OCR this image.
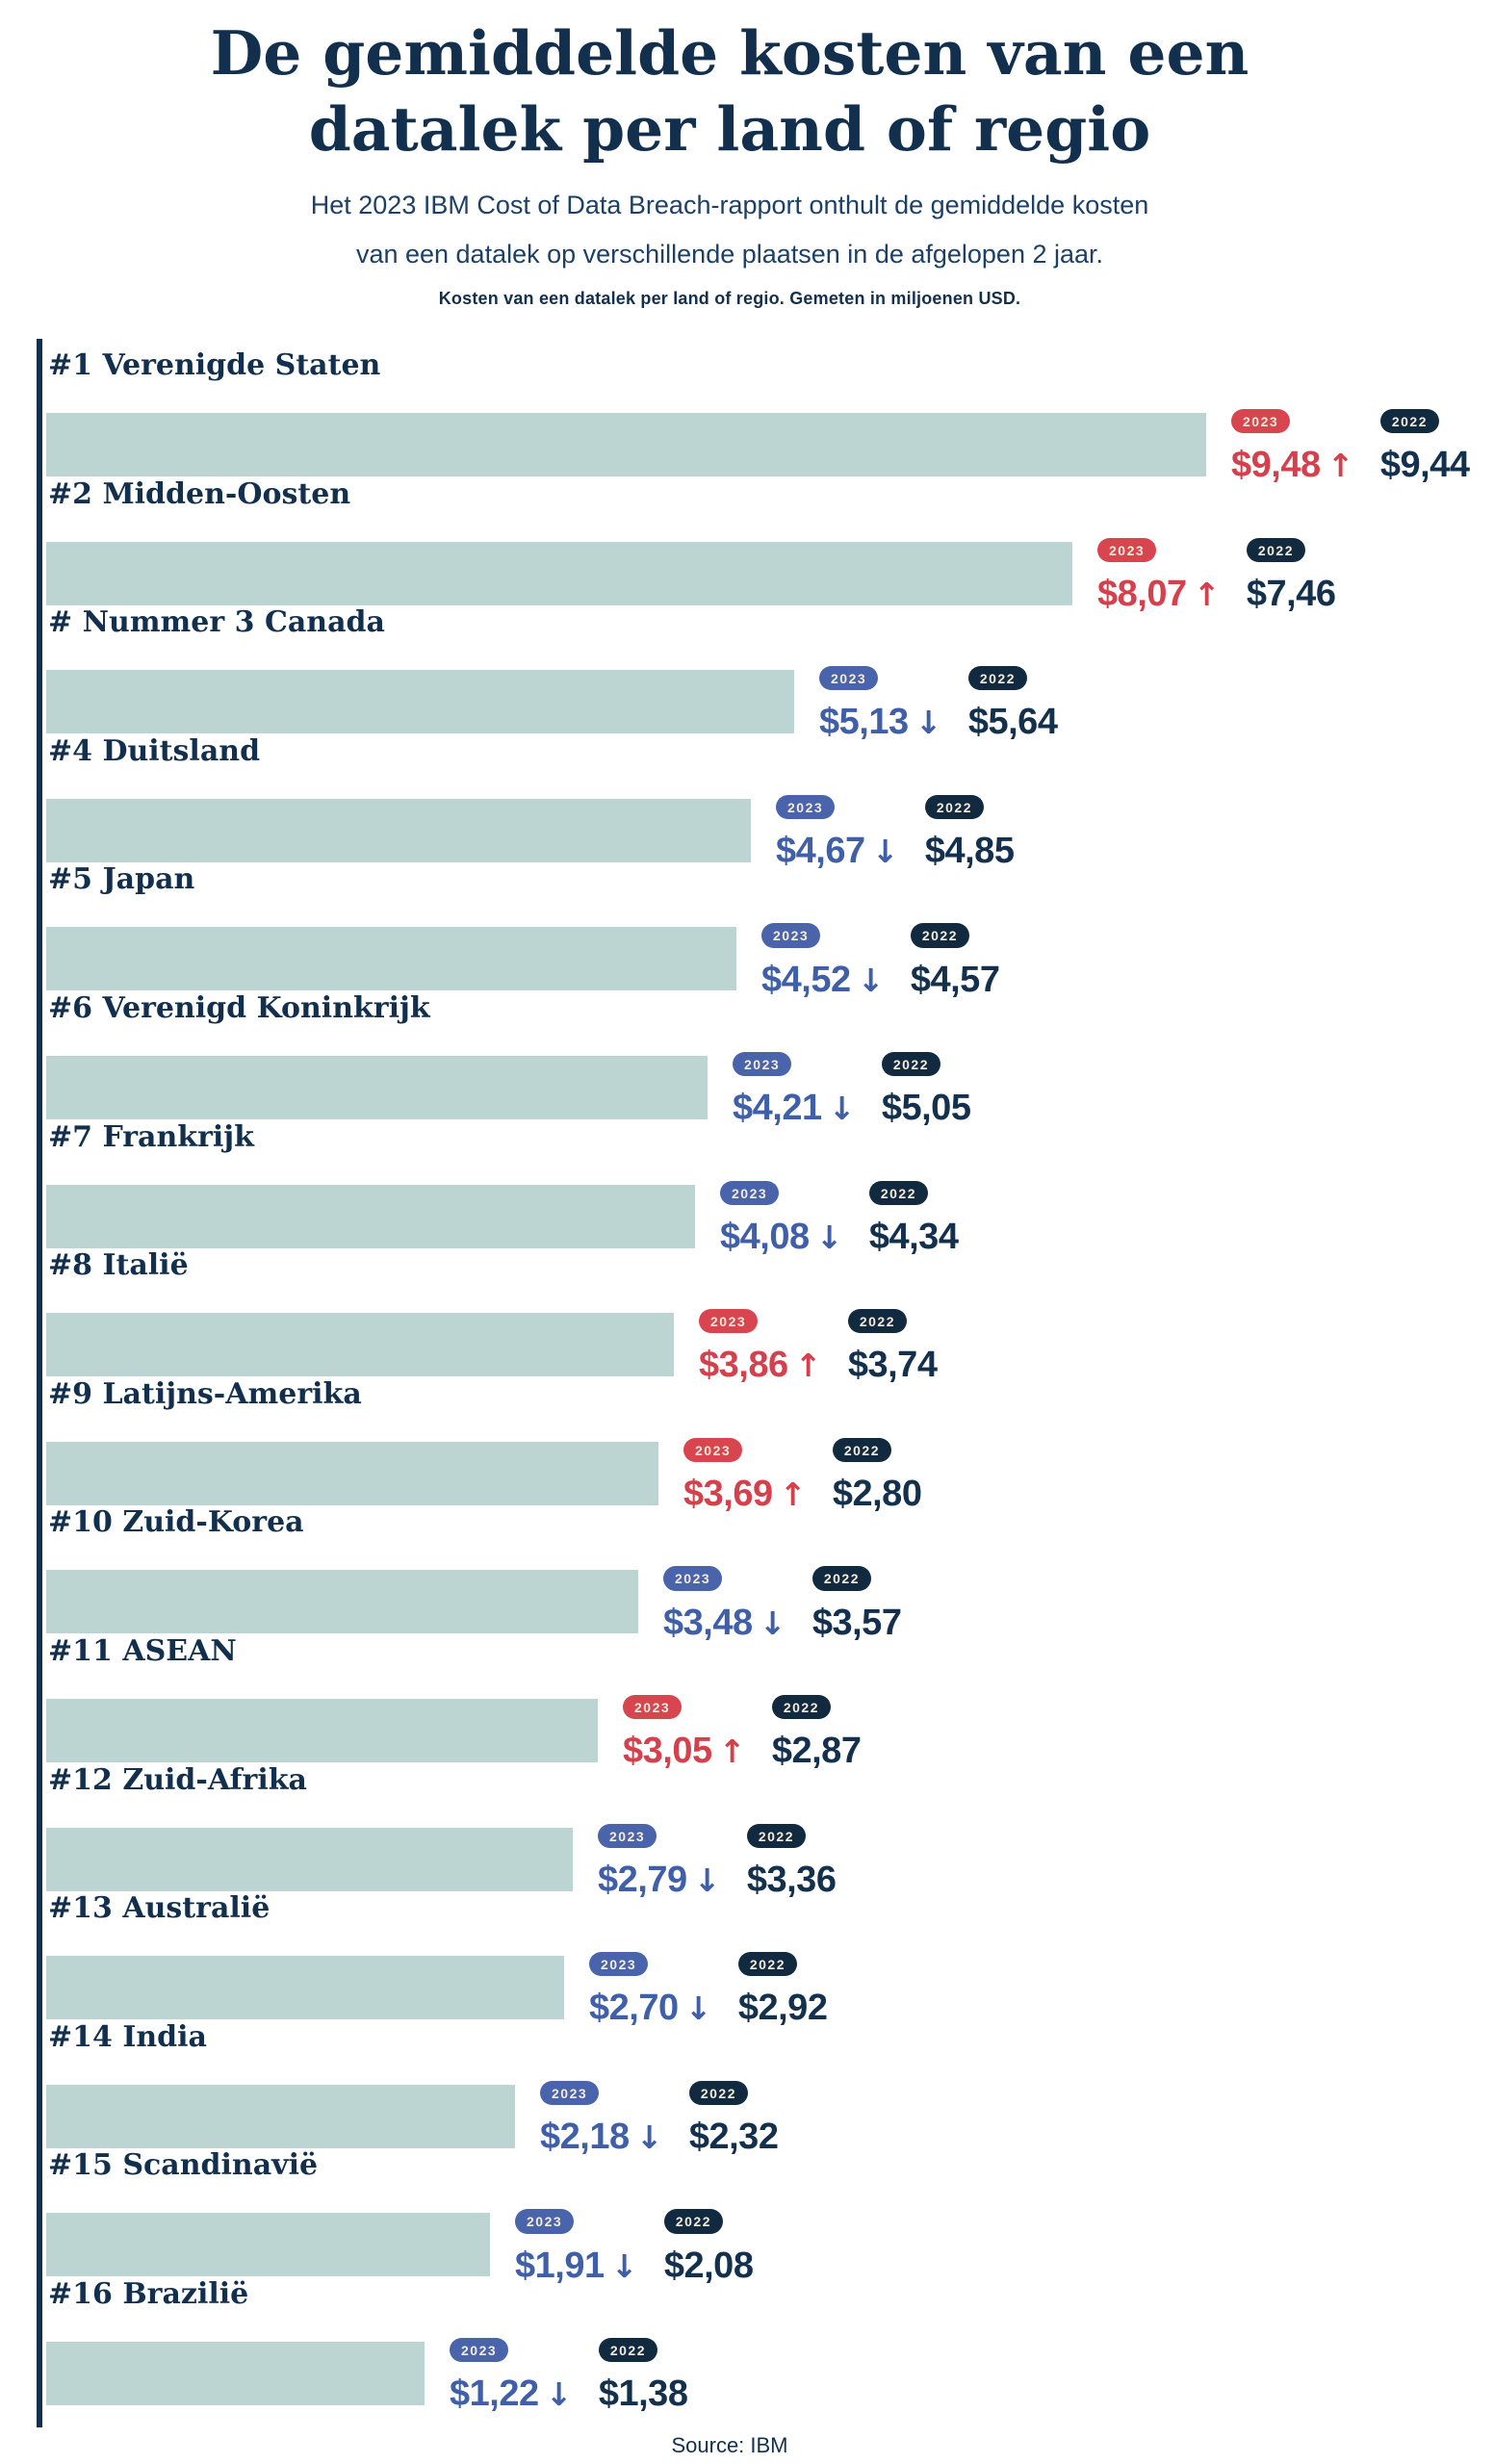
De gemiddelde kosten van een
datalek per land of regio
Het 2023 IBM Cost of Data Breach-rapport onthult de gemiddelde kosten
van een datalek op verschillende plaatsen in de afgelopen 2 jaar.
Kosten van een datalek per land of regio. Gemeten in miljoenen USD.
#1 Verenigde Staten
2023
$9,48 ↑
2022
$9,44
#2 Midden-Oosten
2023
$8,07 ↑
2022
$7,46
# Nummer 3 Canada
2023
$5,13 ↓
2022
$5,64
#4 Duitsland
2023
$4,67 ↓
2022
$4,85
#5 Japan
2023
$4,52 ↓
2022
$4,57
#6 Verenigd Koninkrijk
2023
$4,21 ↓
2022
$5,05
#7 Frankrijk
2023
$4,08 ↓
2022
$4,34
#8 Italië
2023
$3,86 ↑
2022
$3,74
#9 Latijns-Amerika
2023
$3,69 ↑
2022
$2,80
#10 Zuid-Korea
2023
$3,48 ↓
2022
$3,57
#11 ASEAN
2023
$3,05 ↑
2022
$2,87
#12 Zuid-Afrika
2023
$2,79 ↓
2022
$3,36
#13 Australië
2023
$2,70 ↓
2022
$2,92
#14 India
2023
$2,18 ↓
2022
$2,32
#15 Scandinavië
2023
$1,91 ↓
2022
$2,08
#16 Brazilië
2023
$1,22 ↓
2022
$1,38
Source: IBM
